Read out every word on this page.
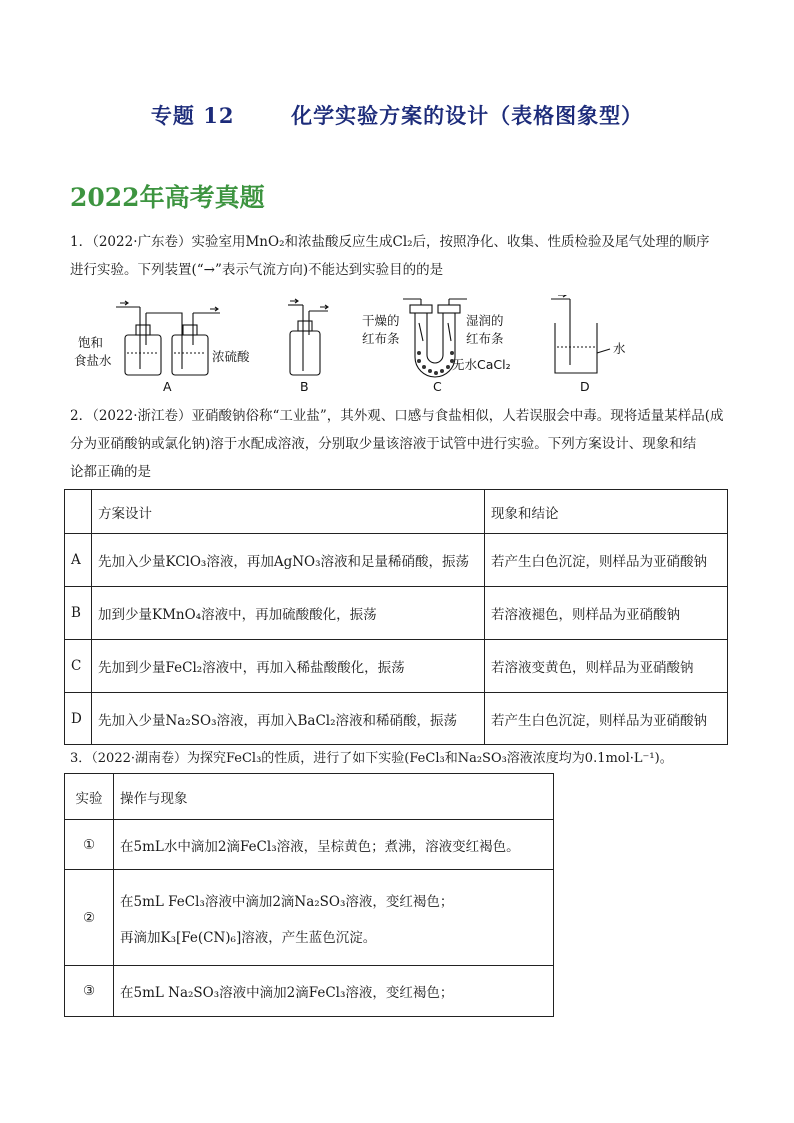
专题 12	化学实验方案的设计（表格图象型）
2022年高考真题

1．（2022·广东卷）实验室用MnO₂和浓盐酸反应生成Cl₂后，按照净化、收集、性质检验及尾气处理的顺序

进行实验。下列装置(“→”表示气流方向)不能达到实验目的的是

饱和
食盐水	浓硫酸
A	B
干燥的
红布条
湿润的
红布条
无水CaCl₂
C
水
D

2．（2022·浙江卷）亚硝酸钠俗称“工业盐”，其外观、口感与食盐相似，人若误服会中毒。现将适量某样品(成

分为亚硝酸钠或氯化钠)溶于水配成溶液，分别取少量该溶液于试管中进行实验。下列方案设计、现象和结

论都正确的是

	方案设计	现象和结论
A	先加入少量KClO₃溶液，再加AgNO₃溶液和足量稀硝酸，振荡	若产生白色沉淀，则样品为亚硝酸钠
B	加到少量KMnO₄溶液中，再加硫酸酸化，振荡	若溶液褪色，则样品为亚硝酸钠
C	先加到少量FeCl₂溶液中，再加入稀盐酸酸化，振荡	若溶液变黄色，则样品为亚硝酸钠
D	先加入少量Na₂SO₃溶液，再加入BaCl₂溶液和稀硝酸，振荡	若产生白色沉淀，则样品为亚硝酸钠

3．（2022·湖南卷）为探究FeCl₃的性质，进行了如下实验(FeCl₃和Na₂SO₃溶液浓度均为0.1mol·L⁻¹)。

实验	操作与现象
①	在5mL水中滴加2滴FeCl₃溶液，呈棕黄色；煮沸，溶液变红褐色。

②	在5mL FeCl₃溶液中滴加2滴Na₂SO₃溶液，变红褐色；
再滴加K₃[Fe(CN)₆]溶液，产生蓝色沉淀。

③	在5mL Na₂SO₃溶液中滴加2滴FeCl₃溶液，变红褐色；
